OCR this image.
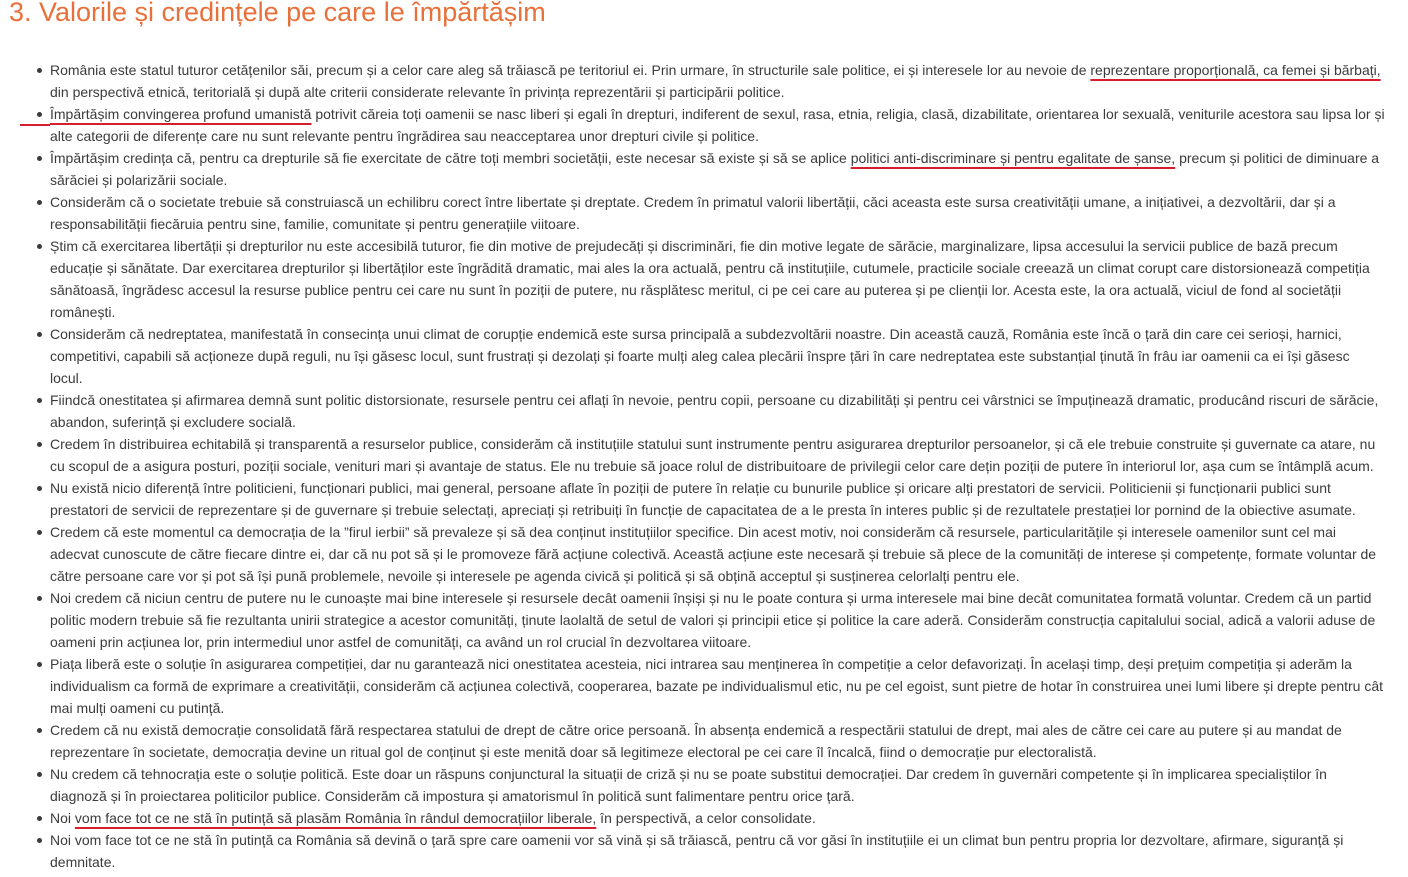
3. Valorile și credințele pe care le împărtășim
România este statul tuturor cetățenilor săi, precum și a celor care aleg să trăiască pe teritoriul ei. Prin urmare, în structurile sale politice, ei și interesele lor au nevoie de reprezentare proporțională, ca femei și bărbați, din perspectivă etnică, teritorială și după alte criterii considerate relevante în privința reprezentării și participării politice.
Împărtășim convingerea profund umanistă potrivit căreia toți oamenii se nasc liberi și egali în drepturi, indiferent de sexul, rasa, etnia, religia, clasă, dizabilitate, orientarea lor sexuală, veniturile acestora sau lipsa lor și alte categorii de diferențe care nu sunt relevante pentru îngrădirea sau neacceptarea unor drepturi civile și politice.
Împărtășim credința că, pentru ca drepturile să fie exercitate de către toți membri societății, este necesar să existe și să se aplice politici anti-discriminare și pentru egalitate de șanse, precum și politici de diminuare a sărăciei și polarizării sociale.
Considerăm că o societate trebuie să construiască un echilibru corect între libertate și dreptate. Credem în primatul valorii libertății, căci aceasta este sursa creativității umane, a inițiativei, a dezvoltării, dar și a responsabilității fiecăruia pentru sine, familie, comunitate și pentru generațiile viitoare.
Știm că exercitarea libertății și drepturilor nu este accesibilă tuturor, fie din motive de prejudecăți și discriminări, fie din motive legate de sărăcie, marginalizare, lipsa accesului la servicii publice de bază precum educație și sănătate. Dar exercitarea drepturilor și libertăților este îngrădită dramatic, mai ales la ora actuală, pentru că instituțiile, cutumele, practicile sociale creează un climat corupt care distorsionează competiția sănătoasă, îngrădesc accesul la resurse publice pentru cei care nu sunt în poziții de putere, nu răsplătesc meritul, ci pe cei care au puterea și pe clienții lor. Acesta este, la ora actuală, viciul de fond al societății românești.
Considerăm că nedreptatea, manifestată în consecința unui climat de corupție endemică este sursa principală a subdezvoltării noastre. Din această cauză, România este încă o țară din care cei serioși, harnici, competitivi, capabili să acționeze după reguli, nu își găsesc locul, sunt frustrați și dezolați și foarte mulți aleg calea plecării înspre țări în care nedreptatea este substanțial ținută în frâu iar oamenii ca ei își găsesc locul.
Fiindcă onestitatea și afirmarea demnă sunt politic distorsionate, resursele pentru cei aflați în nevoie, pentru copii, persoane cu dizabilități și pentru cei vârstnici se împuținează dramatic, producând riscuri de sărăcie, abandon, suferință și excludere socială.
Credem în distribuirea echitabilă și transparentă a resurselor publice, considerăm că instituțiile statului sunt instrumente pentru asigurarea drepturilor persoanelor, și că ele trebuie construite și guvernate ca atare, nu cu scopul de a asigura posturi, poziții sociale, venituri mari și avantaje de status. Ele nu trebuie să joace rolul de distribuitoare de privilegii celor care dețin poziții de putere în interiorul lor, așa cum se întâmplă acum.
Nu există nicio diferență între politicieni, funcționari publici, mai general, persoane aflate în poziții de putere în relație cu bunurile publice și oricare alți prestatori de servicii. Politicienii și funcționarii publici sunt prestatori de servicii de reprezentare și de guvernare și trebuie selectați, apreciați și retribuiți în funcție de capacitatea de a le presta în interes public și de rezultatele prestației lor pornind de la obiective asumate.
Credem că este momentul ca democrația de la ”firul ierbii” să prevaleze și să dea conținut instituțiilor specifice. Din acest motiv, noi considerăm că resursele, particularitățile și interesele oamenilor sunt cel mai adecvat cunoscute de către fiecare dintre ei, dar că nu pot să și le promoveze fără acțiune colectivă. Această acțiune este necesară și trebuie să plece de la comunități de interese și competențe, formate voluntar de către persoane care vor și pot să își pună problemele, nevoile și interesele pe agenda civică și politică și să obțină acceptul și susținerea celorlalți pentru ele.
Noi credem că niciun centru de putere nu le cunoaște mai bine interesele și resursele decât oamenii înșiși și nu le poate contura și urma interesele mai bine decât comunitatea formată voluntar. Credem că un partid politic modern trebuie să fie rezultanta unirii strategice a acestor comunități, ținute laolaltă de setul de valori și principii etice și politice la care aderă. Considerăm construcția capitalului social, adică a valorii aduse de oameni prin acțiunea lor, prin intermediul unor astfel de comunități, ca având un rol crucial în dezvoltarea viitoare.
Piața liberă este o soluție în asigurarea competiției, dar nu garantează nici onestitatea acesteia, nici intrarea sau menținerea în competiție a celor defavorizați. În același timp, deși prețuim competiția și aderăm la individualism ca formă de exprimare a creativității, considerăm că acțiunea colectivă, cooperarea, bazate pe individualismul etic, nu pe cel egoist, sunt pietre de hotar în construirea unei lumi libere și drepte pentru cât mai mulți oameni cu putință.
Credem că nu există democrație consolidată fără respectarea statului de drept de către orice persoană. În absența endemică a respectării statului de drept, mai ales de către cei care au putere și au mandat de reprezentare în societate, democrația devine un ritual gol de conținut și este menită doar să legitimeze electoral pe cei care îl încalcă, fiind o democrație pur electoralistă.
Nu credem că tehnocrația este o soluție politică. Este doar un răspuns conjunctural la situații de criză și nu se poate substitui democrației. Dar credem în guvernări competente și în implicarea specialiștilor în diagnoză și în proiectarea politicilor publice. Considerăm că impostura și amatorismul în politică sunt falimentare pentru orice țară.
Noi vom face tot ce ne stă în putință să plasăm România în rândul democrațiilor liberale, în perspectivă, a celor consolidate.
Noi vom face tot ce ne stă în putință ca România să devină o țară spre care oamenii vor să vină și să trăiască, pentru că vor găsi în instituțiile ei un climat bun pentru propria lor dezvoltare, afirmare, siguranță și demnitate.
